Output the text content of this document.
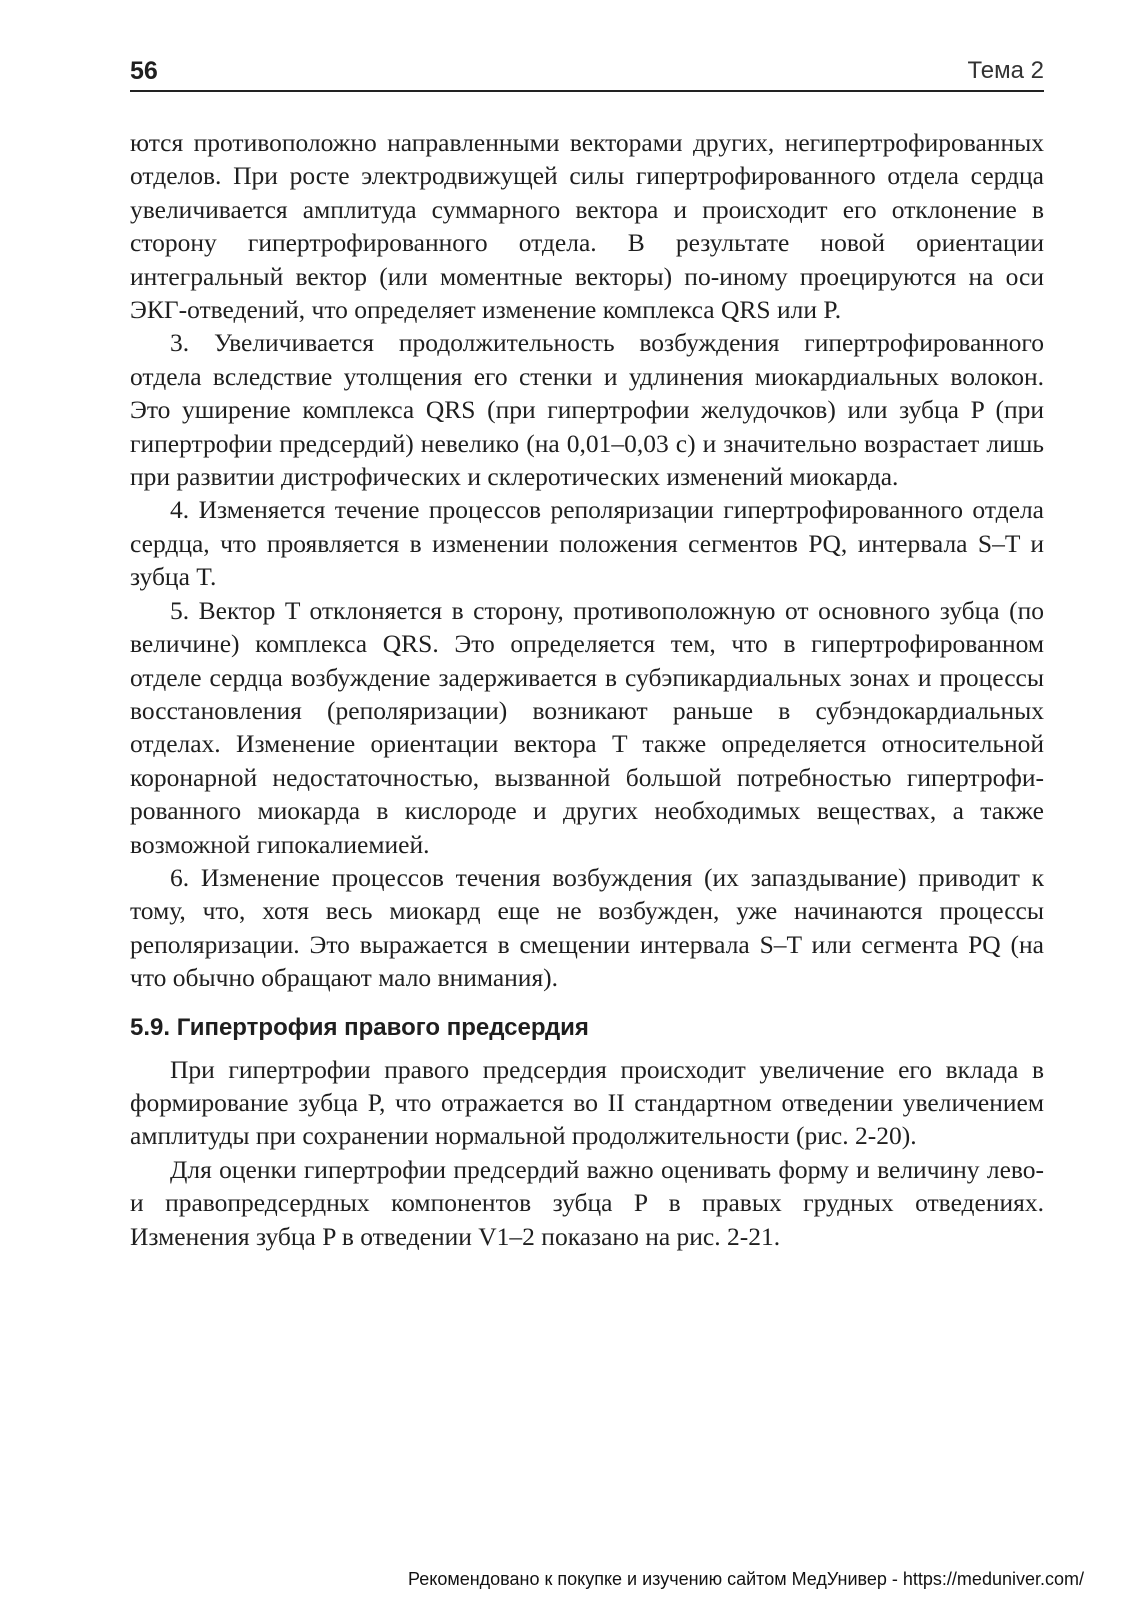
56	Тема 2

ются противоположно направленными векторами других, негипертрофированных отделов. При росте электродвижущей силы гипертрофированного отдела сердца увеличивается амплитуда суммарного вектора и происходит его отклонение в сторону гипертрофированного отдела. В результате новой ориентации интегральный вектор (или моментные векторы) по-иному проецируются на оси ЭКГ-отведений, что определяет изменение комплекса QRS или P.

3. Увеличивается продолжительность возбуждения гипертрофированного отдела вследствие утолщения его стенки и удлинения миокардиальных волокон. Это уширение комплекса QRS (при гипертрофии желудочков) или зубца P (при гипертрофии предсердий) невелико (на 0,01–0,03 с) и значительно возрастает лишь при развитии дистрофических и склеротических изменений миокарда.

4. Изменяется течение процессов реполяризации гипертрофированного отдела сердца, что проявляется в изменении положения сегментов PQ, интервала S–T и зубца T.

5. Вектор T отклоняется в сторону, противоположную от основного зубца (по величине) комплекса QRS. Это определяется тем, что в гипертрофированном отделе сердца возбуждение задерживается в субэпикардиальных зонах и процессы восстановления (реполяризации) возникают раньше в субэндокардиальных отделах. Изменение ориентации вектора T также определяется относительной коронарной недостаточностью, вызванной большой потребностью гипертрофированного миокарда в кислороде и других необходимых веществах, а также возможной гипокалиемией.

6. Изменение процессов течения возбуждения (их запаздывание) приводит к тому, что, хотя весь миокард еще не возбужден, уже начинаются процессы реполяризации. Это выражается в смещении интервала S–T или сегмента PQ (на что обычно обращают мало внимания).

5.9. Гипертрофия правого предсердия

При гипертрофии правого предсердия происходит увеличение его вклада в формирование зубца P, что отражается во II стандартном отведении увеличением амплитуды при сохранении нормальной продолжительности (рис. 2-20).

Для оценки гипертрофии предсердий важно оценивать форму и величину лево- и правопредсердных компонентов зубца P в правых грудных отведениях. Изменения зубца P в отведении V1–2 показано на рис. 2-21.

Рекомендовано к покупке и изучению сайтом МедУнивер - https://meduniver.com/
